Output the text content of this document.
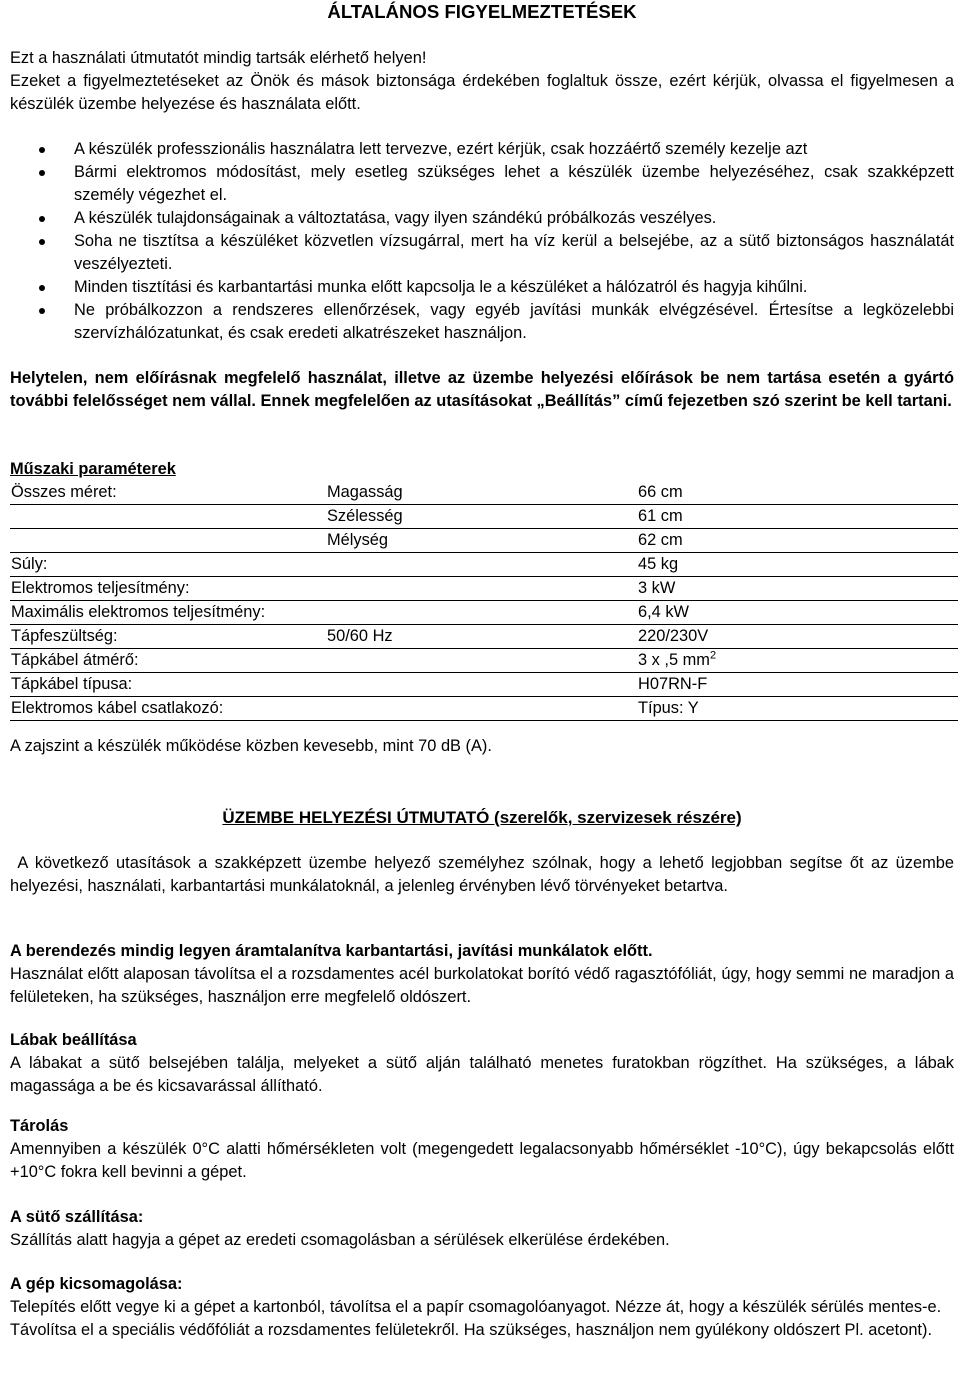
ÁLTALÁNOS FIGYELMEZTETÉSEK

Ezt a használati útmutatót mindig tartsák elérhető helyen!

Ezeket a figyelmeztetéseket az Önök és mások biztonsága érdekében foglaltuk össze, ezért kérjük, olvassa el figyelmesen a készülék üzembe helyezése és használata előtt.

A készülék professzionális használatra lett tervezve, ezért kérjük, csak hozzáértő személy kezelje azt
Bármi elektromos módosítást, mely esetleg szükséges lehet a készülék üzembe helyezéséhez, csak szakképzett személy végezhet el.
A készülék tulajdonságainak a változtatása, vagy ilyen szándékú próbálkozás veszélyes.
Soha ne tisztítsa a készüléket közvetlen vízsugárral, mert ha víz kerül a belsejébe, az a sütő biztonságos használatát veszélyezteti.
Minden tisztítási és karbantartási munka előtt kapcsolja le a készüléket a hálózatról és hagyja kihűlni.
Ne próbálkozzon a rendszeres ellenőrzések, vagy egyéb javítási munkák elvégzésével. Értesítse a legközelebbi szervízhálózatunkat, és csak eredeti alkatrészeket használjon.

Helytelen, nem előírásnak megfelelő használat, illetve az üzembe helyezési előírások be nem tartása esetén a gyártó további felelősséget nem vállal. Ennek megfelelően az utasításokat „Beállítás” című fejezetben szó szerint be kell tartani.

Műszaki paraméterek

Összes méret:	Magasság	66 cm
	Szélesség	61 cm
	Mélység	62 cm
Súly:		45 kg
Elektromos teljesítmény:		3 kW
Maximális elektromos teljesítmény:		6,4 kW
Tápfeszültség:	50/60 Hz	220/230V
Tápkábel átmérő:		3 x ,5 $mm^2$
Tápkábel típusa:		H07RN-F
Elektromos kábel csatlakozó:		Típus: Y

A zajszint a készülék működése közben kevesebb, mint 70 dB (A).

ÜZEMBE HELYEZÉSI ÚTMUTATÓ (szerelők, szervizesek részére)

A következő utasítások a szakképzett üzembe helyező személyhez szólnak, hogy a lehető legjobban segítse őt az üzembe helyezési, használati, karbantartási munkálatoknál, a jelenleg érvényben lévő törvényeket betartva.

A berendezés mindig legyen áramtalanítva karbantartási, javítási munkálatok előtt.

Használat előtt alaposan távolítsa el a rozsdamentes acél burkolatokat borító védő ragasztófóliát, úgy, hogy semmi ne maradjon a felületeken, ha szükséges, használjon erre megfelelő oldószert.

Lábak beállítása

A lábakat a sütő belsejében találja, melyeket a sütő alján található menetes furatokban rögzíthet. Ha szükséges, a lábak magassága a be és kicsavarással állítható.

Tárolás

Amennyiben a készülék 0°C alatti hőmérsékleten volt (megengedett legalacsonyabb hőmérséklet -10°C), úgy bekapcsolás előtt +10°C fokra kell bevinni a gépet.

A sütő szállítása:

Szállítás alatt hagyja a gépet az eredeti csomagolásban a sérülések elkerülése érdekében.

A gép kicsomagolása:

Telepítés előtt vegye ki a gépet a kartonból, távolítsa el a papír csomagolóanyagot. Nézze át, hogy a készülék sérülés mentes-e.

Távolítsa el a speciális védőfóliát a rozsdamentes felületekről. Ha szükséges, használjon nem gyúlékony oldószert Pl. acetont).
